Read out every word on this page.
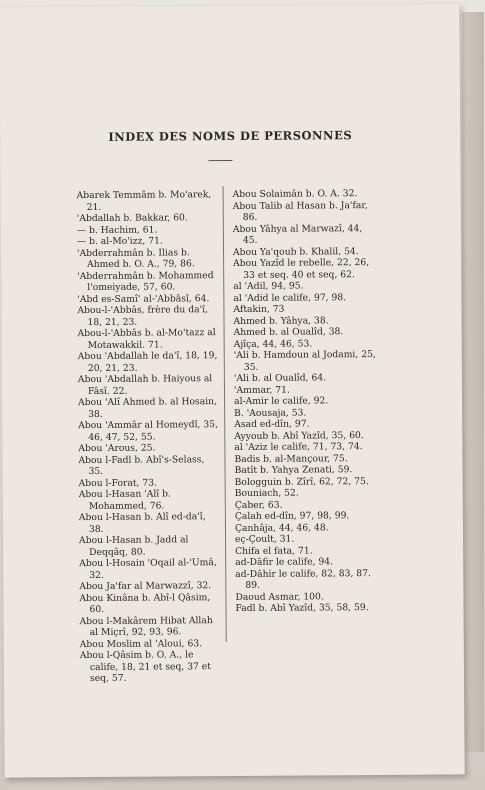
INDEX DES NOMS DE PERSONNES
Abarek Temmâm b. Mo'arek, 21.
'Abdallah b. Bakkar, 60.
— b. Hachim, 61.
— b. al-Mo'izz, 71.
'Abderrahmân b. Ilias b. Ahmed b. O. A., 79, 86.
'Abderrahmân b. Mohammed l'omeiyade, 57, 60.
'Abd es-Samî' al-'Abbâsî, 64.
Abou-l-'Abbâs, frère du da'î, 18, 21, 23.
Abou-l-'Abbâs b. al-Mo'tazz al Motawakkil. 71.
Abou 'Abdallah le da'î, 18, 19, 20, 21, 23.
Abou 'Abdallah b. Haiyous al Fâsî. 22.
Abou 'Alî Ahmed b. al Hosain, 38.
Abou 'Ammâr al Homeydî, 35, 46, 47, 52, 55.
Abou 'Arous, 25.
Abou l-Fadl b. Abî's-Selass, 35.
Abou l-Forat, 73.
Abou l-Hasan 'Alî b. Mohammed, 76.
Abou l-Hasan b. Alî ed-da'î, 38.
Abou l-Hasan b. Jadd al Deqqâq, 80.
Abou l-Hosain 'Oqail al-'Umâ, 32.
Abou Ja'far al Marwazzî, 32.
Abou Kinâna b. Abî-l Qâsim, 60.
Abou l-Makârem Hibat Allah al Miçrî, 92, 93, 96.
Abou Moslim al 'Aloui, 63.
Abou l-Qâsim b. O. A., le calife, 18, 21 et seq, 37 et seq, 57.
Abou Solaimân b. O. A. 32.
Abou Talib al Hasan b. Ja'far, 86.
Abou Yâhya al Marwazî, 44, 45.
Abou Ya'qoub b. Khalil, 54.
Abou Yazîd le rebelle, 22, 26, 33 et seq. 40 et seq, 62.
al 'Adil, 94, 95.
al 'Adid le calife, 97, 98.
Aftakin, 73
Ahmed b. Yâhya, 38.
Ahmed b. al Oualîd, 38.
Ajîça, 44, 46, 53.
'Ali b. Hamdoun al Jodami, 25, 35.
'Ali b. al Oualîd, 64.
'Ammar, 71.
al-Amir le calife, 92.
B. 'Aousaja, 53.
Asad ed-dîn, 97.
Ayyoub b. Abî Yazîd, 35, 60.
al 'Aziz le calife, 71, 73, 74.
Badis b. al-Mançour, 75.
Batît b. Yahya Zenati, 59.
Bologguin b. Zîrî, 62, 72, 75.
Bouniach, 52.
Çaber, 63.
Çalah ed-dîn, 97, 98, 99.
Çanhâja, 44, 46, 48.
eç-Çoult, 31.
Chifa el fata, 71.
ad-Dâfir le calife, 94.
ad-Dâhir le calife, 82, 83, 87. 89.
Daoud Asmar, 100.
Fadl b. Abî Yazîd, 35, 58, 59.
